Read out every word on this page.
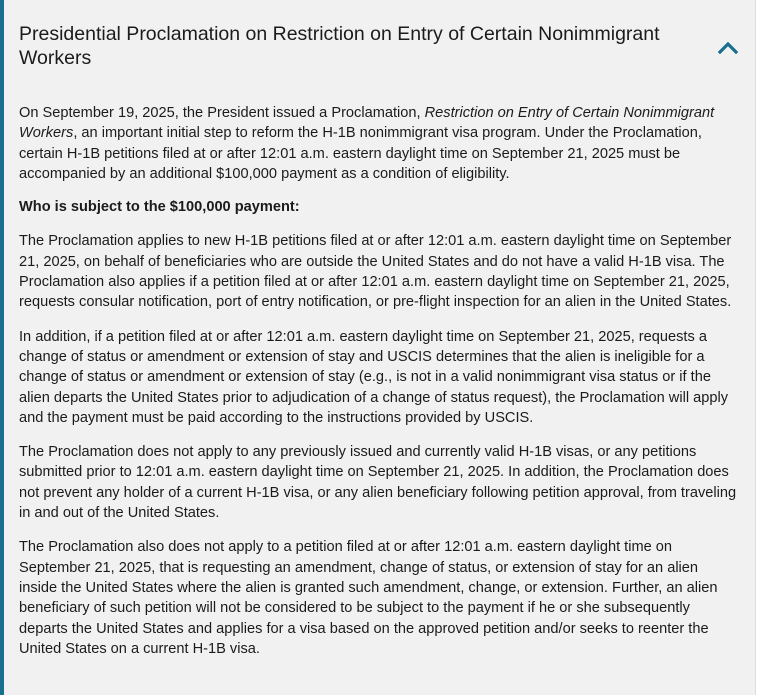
Presidential Proclamation on Restriction on Entry of Certain Nonimmigrant Workers

On September 19, 2025, the President issued a Proclamation, Restriction on Entry of Certain Nonimmigrant Workers, an important initial step to reform the H-1B nonimmigrant visa program. Under the Proclamation, certain H-1B petitions filed at or after 12:01 a.m. eastern daylight time on September 21, 2025 must be accompanied by an additional $100,000 payment as a condition of eligibility.

Who is subject to the $100,000 payment:

The Proclamation applies to new H-1B petitions filed at or after 12:01 a.m. eastern daylight time on September 21, 2025, on behalf of beneficiaries who are outside the United States and do not have a valid H-1B visa. The Proclamation also applies if a petition filed at or after 12:01 a.m. eastern daylight time on September 21, 2025, requests consular notification, port of entry notification, or pre-flight inspection for an alien in the United States.

In addition, if a petition filed at or after 12:01 a.m. eastern daylight time on September 21, 2025, requests a change of status or amendment or extension of stay and USCIS determines that the alien is ineligible for a change of status or amendment or extension of stay (e.g., is not in a valid nonimmigrant visa status or if the alien departs the United States prior to adjudication of a change of status request), the Proclamation will apply and the payment must be paid according to the instructions provided by USCIS.

The Proclamation does not apply to any previously issued and currently valid H-1B visas, or any petitions submitted prior to 12:01 a.m. eastern daylight time on September 21, 2025. In addition, the Proclamation does not prevent any holder of a current H-1B visa, or any alien beneficiary following petition approval, from traveling in and out of the United States.

The Proclamation also does not apply to a petition filed at or after 12:01 a.m. eastern daylight time on September 21, 2025, that is requesting an amendment, change of status, or extension of stay for an alien inside the United States where the alien is granted such amendment, change, or extension. Further, an alien beneficiary of such petition will not be considered to be subject to the payment if he or she subsequently departs the United States and applies for a visa based on the approved petition and/or seeks to reenter the United States on a current H-1B visa.
